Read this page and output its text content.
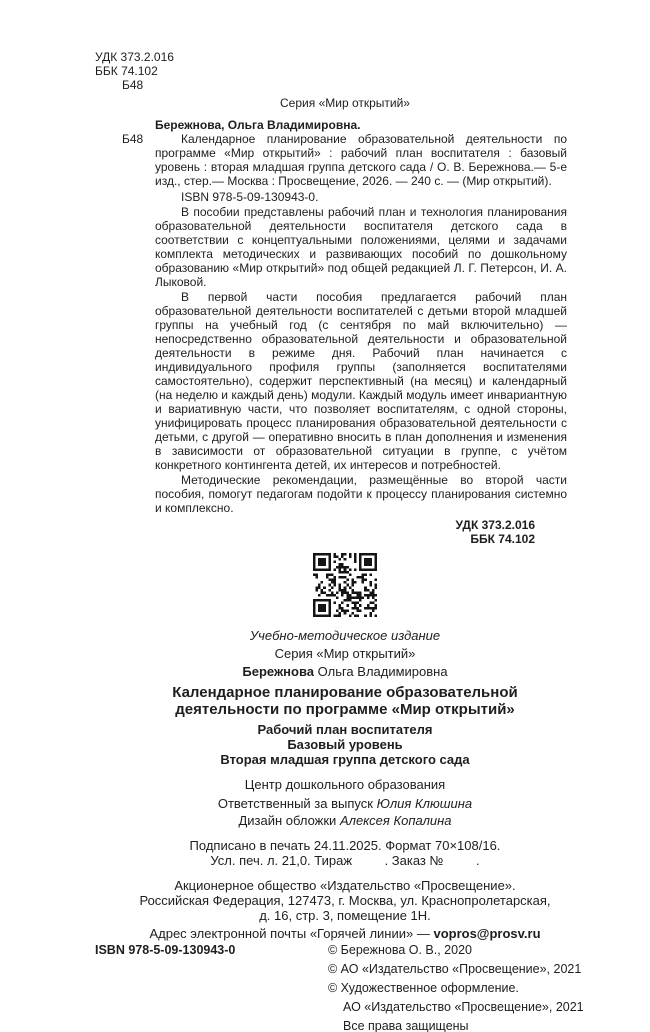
УДК 373.2.016
ББК 74.102
Б48
Серия «Мир открытий»

Бережнова, Ольга Владимировна.

Б48	Календарное планирование образовательной деятельности по программе «Мир открытий» : рабочий план воспитателя : базовый уровень : вторая младшая группа детского сада / О. В. Бережнова.— 5-е изд., стер.— Москва : Просвещение, 2026. — 240 с. — (Мир открытий).

ISBN 978-5-09-130943-0.

В пособии представлены рабочий план и технология планирования образовательной деятельности воспитателя детского сада в соответствии с концептуальными положениями, целями и задачами комплекта методических и развивающих пособий по дошкольному образованию «Мир открытий» под общей редакцией Л. Г. Петерсон, И. А. Лыковой.

В первой части пособия предлагается рабочий план образовательной деятельности воспитателей с детьми второй младшей группы на учебный год (с сентября по май включительно) — непосредственно образовательной деятельности и образовательной деятельности в режиме дня. Рабочий план начинается с индивидуального профиля группы (заполняется воспитателями самостоятельно), содержит перспективный (на месяц) и календарный (на неделю и каждый день) модули. Каждый модуль имеет инвариантную и вариативную части, что позволяет воспитателям, с одной стороны, унифицировать процесс планирования образовательной деятельности с детьми, с другой — оперативно вносить в план дополнения и изменения в зависимости от образовательной ситуации в группе, с учётом конкретного контингента детей, их интересов и потребностей.

Методические рекомендации, размещённые во второй части пособия, помогут педагогам подойти к процессу планирования системно и комплексно.

УДК 373.2.016
ББК 74.102

Учебно-методическое издание

Серия «Мир открытий»

Бережнова Ольга Владимировна

Календарное планирование образовательной
деятельности по программе «Мир открытий»

Рабочий план воспитателя
Базовый уровень
Вторая младшая группа детского сада

Центр дошкольного образования

Ответственный за выпуск Юлия Клюшина

Дизайн обложки Алексея Копалина

Подписано в печать 24.11.2025. Формат 70×108/16.

Усл. печ. л. 21,0. Тираж         . Заказ №         .

Акционерное общество «Издательство «Просвещение».

Российская Федерация, 127473, г. Москва, ул. Краснопролетарская,

д. 16, стр. 3, помещение 1Н.

Адрес электронной почты «Горячей линии» — vopros@prosv.ru

ISBN 978-5-09-130943-0	© Бережнова О. В., 2020
© АО «Издательство «Просвещение», 2021
© Художественное оформление.
АО «Издательство «Просвещение», 2021
Все права защищены
